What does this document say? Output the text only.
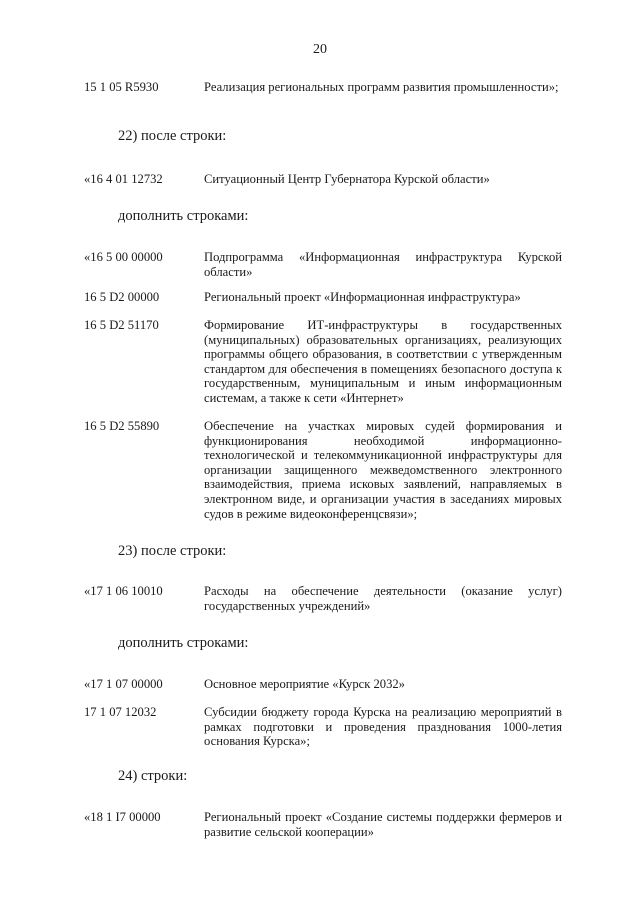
20
15 1 05 R5930	Реализация региональных программ развития промышленности»;
22) после строки:
«16 4 01 12732	Ситуационный Центр Губернатора Курской области»
дополнить строками:
«16 5 00 00000	Подпрограмма «Информационная инфраструктура Курской области»
16 5 D2 00000	Региональный проект «Информационная инфраструктура»
16 5 D2 51170	Формирование ИТ-инфраструктуры в государственных (муниципальных) образовательных организациях, реализующих программы общего образования, в соответствии с утвержденным стандартом для обеспечения в помещениях безопасного доступа к государственным, муниципальным и иным информационным системам, а также к сети «Интернет»
16 5 D2 55890	Обеспечение на участках мировых судей формирования и функционирования необходимой информационно-технологической и телекоммуникационной инфраструктуры для организации защищенного межведомственного электронного взаимодействия, приема исковых заявлений, направляемых в электронном виде, и организации участия в заседаниях мировых судов в режиме видеоконференцсвязи»;
23) после строки:
«17 1 06 10010	Расходы на обеспечение деятельности (оказание услуг) государственных учреждений»
дополнить строками:
«17 1 07 00000	Основное мероприятие «Курск 2032»
17 1 07 12032	Субсидии бюджету города Курска на реализацию мероприятий в рамках подготовки и проведения празднования 1000-летия основания Курска»;
24) строки:
«18 1 I7 00000	Региональный проект «Создание системы поддержки фермеров и развитие сельской кооперации»
